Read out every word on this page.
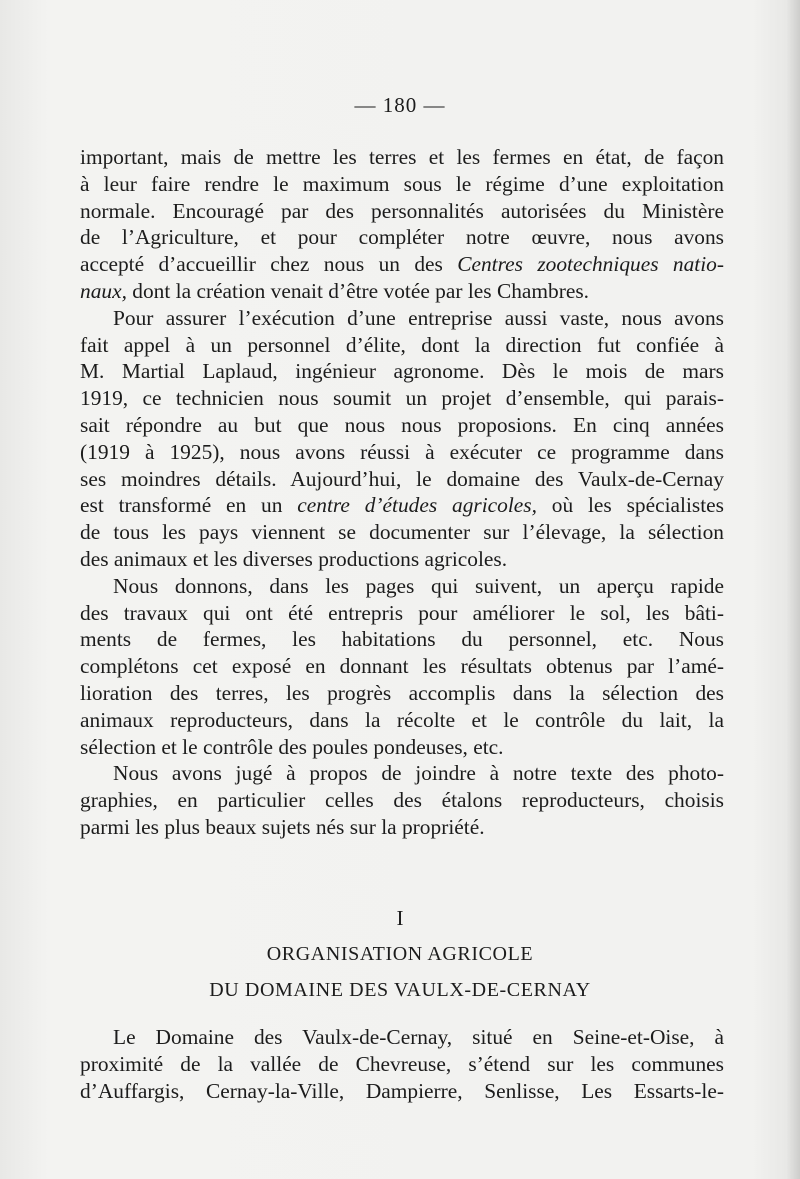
— 180 —
important, mais de mettre les terres et les fermes en état, de façon
à leur faire rendre le maximum sous le régime d’une exploitation
normale. Encouragé par des personnalités autorisées du Ministère
de l’Agriculture, et pour compléter notre œuvre, nous avons
accepté d’accueillir chez nous un des Centres zootechniques natio-
naux, dont la création venait d’être votée par les Chambres.
Pour assurer l’exécution d’une entreprise aussi vaste, nous avons
fait appel à un personnel d’élite, dont la direction fut confiée à
M. Martial Laplaud, ingénieur agronome. Dès le mois de mars
1919, ce technicien nous soumit un projet d’ensemble, qui parais-
sait répondre au but que nous nous proposions. En cinq années
(1919 à 1925), nous avons réussi à exécuter ce programme dans
ses moindres détails. Aujourd’hui, le domaine des Vaulx-de-Cernay
est transformé en un centre d’études agricoles, où les spécialistes
de tous les pays viennent se documenter sur l’élevage, la sélection
des animaux et les diverses productions agricoles.
Nous donnons, dans les pages qui suivent, un aperçu rapide
des travaux qui ont été entrepris pour améliorer le sol, les bâti-
ments de fermes, les habitations du personnel, etc. Nous
complétons cet exposé en donnant les résultats obtenus par l’amé-
lioration des terres, les progrès accomplis dans la sélection des
animaux reproducteurs, dans la récolte et le contrôle du lait, la
sélection et le contrôle des poules pondeuses, etc.
Nous avons jugé à propos de joindre à notre texte des photo-
graphies, en particulier celles des étalons reproducteurs, choisis
parmi les plus beaux sujets nés sur la propriété.
I
ORGANISATION AGRICOLE
DU DOMAINE DES VAULX-DE-CERNAY
Le Domaine des Vaulx-de-Cernay, situé en Seine-et-Oise, à
proximité de la vallée de Chevreuse, s’étend sur les communes
d’Auffargis, Cernay-la-Ville, Dampierre, Senlisse, Les Essarts-le-
